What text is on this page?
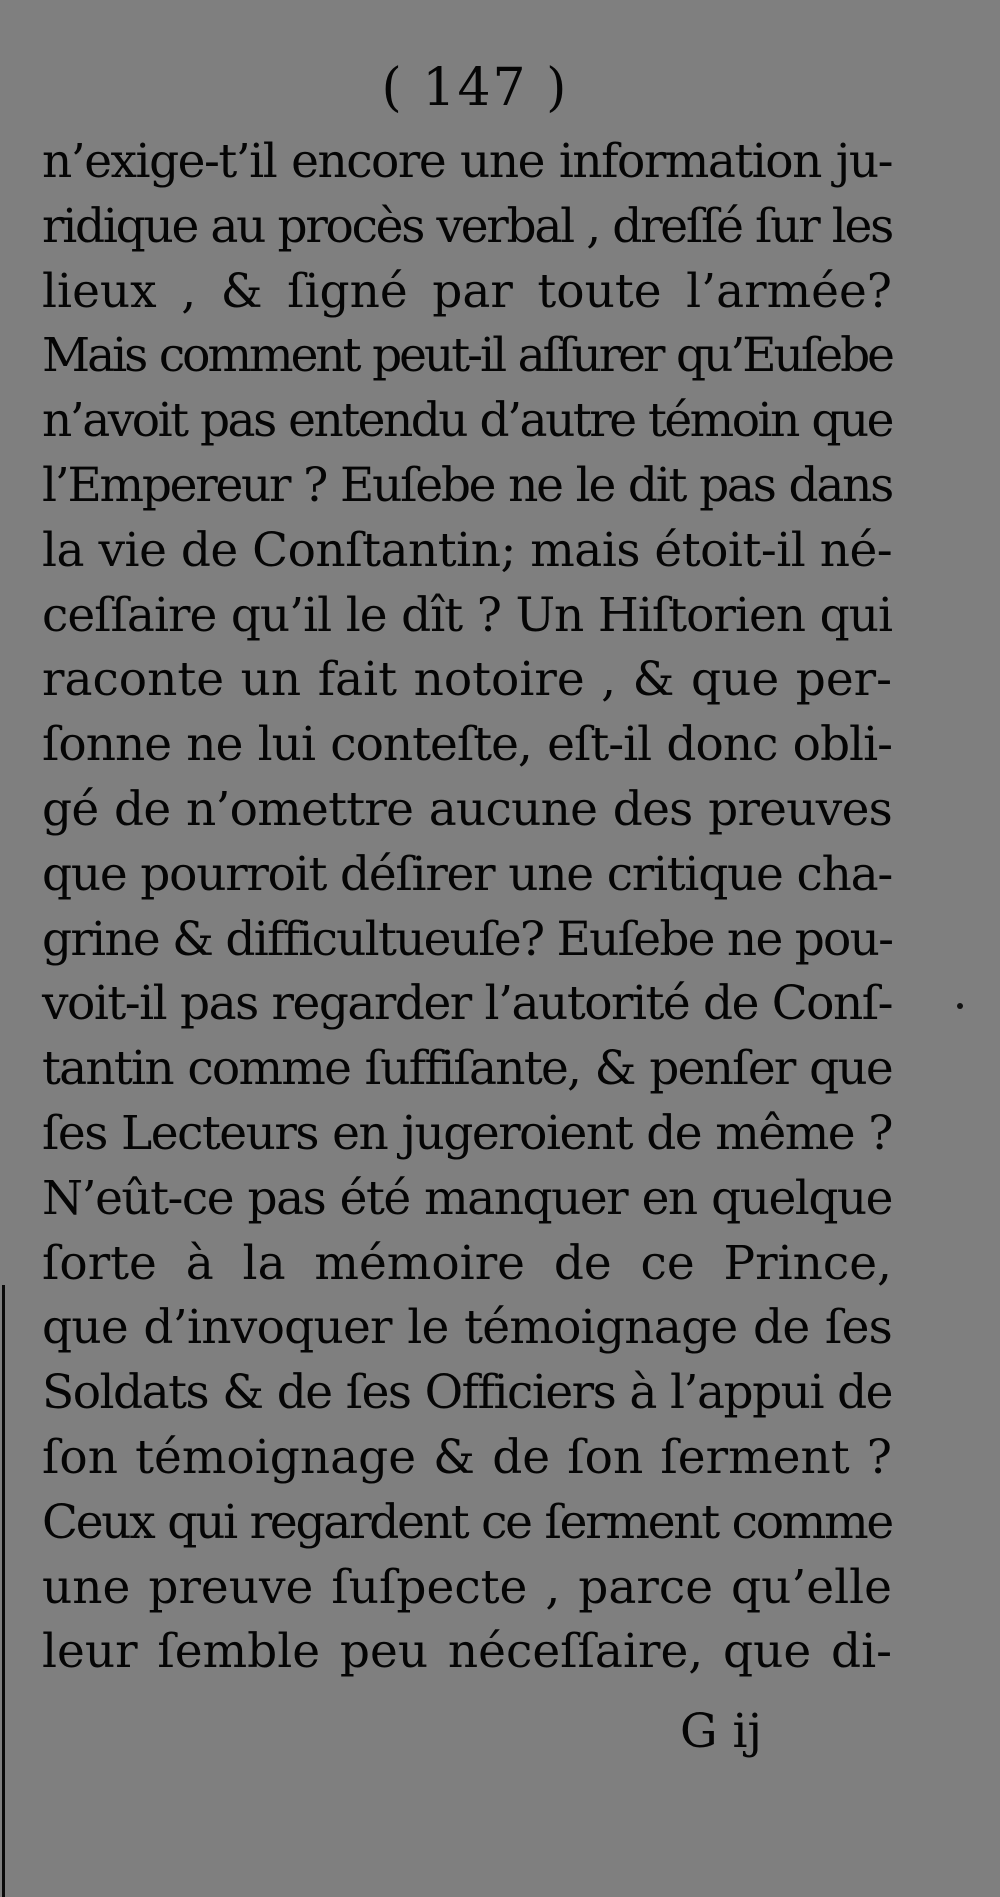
( 147 )
n’exige-t’il encore une information ju-
ridique au procès verbal , dreſſé ſur les
lieux , & ſigné par toute l’armée?
Mais comment peut-il aſſurer qu’Euſebe
n’avoit pas entendu d’autre témoin que
l’Empereur ? Euſebe ne le dit pas dans
la vie de Conſtantin; mais étoit-il né-
ceſſaire qu’il le dît ? Un Hiſtorien qui
raconte un fait notoire , & que per-
ſonne ne lui conteſte, eſt-il donc obli-
gé de n’omettre aucune des preuves
que pourroit déſirer une critique cha-
grine & difficultueuſe? Euſebe ne pou-
voit-il pas regarder l’autorité de Conſ-
tantin comme ſuffiſante, & penſer que
ſes Lecteurs en jugeroient de même ?
N’eût-ce pas été manquer en quelque
ſorte à la mémoire de ce Prince,
que d’invoquer le témoignage de ſes
Soldats & de ſes Officiers à l’appui de
ſon témoignage & de ſon ſerment ?
Ceux qui regardent ce ſerment comme
une preuve ſuſpecte , parce qu’elle
leur ſemble peu néceſſaire, que di-
G ij
